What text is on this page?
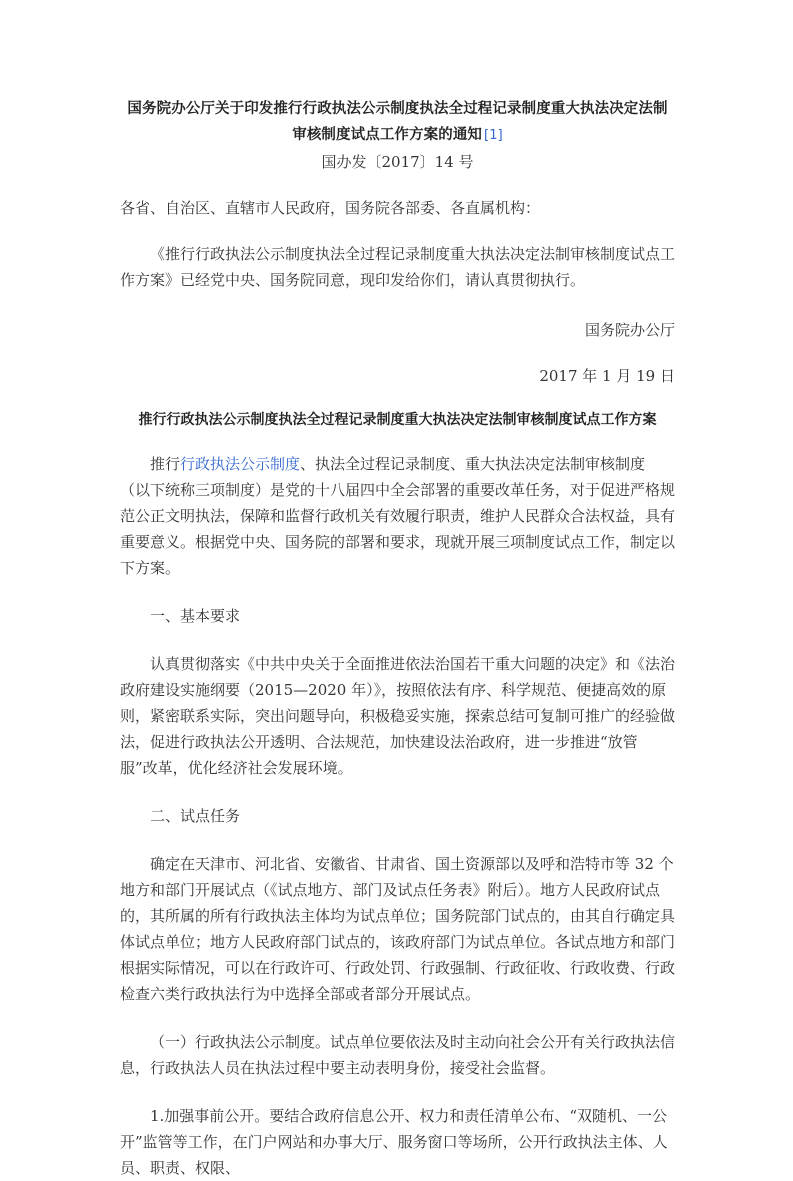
国务院办公厅关于印发推行行政执法公示制度执法全过程记录制度重大执法决定法制
审核制度试点工作方案的通知 [1]

国办发〔2017〕14 号

各省、自治区、直辖市人民政府，国务院各部委、各直属机构：

《推行行政执法公示制度执法全过程记录制度重大执法决定法制审核制度试点工作方案》已经党中央、国务院同意，现印发给你们，请认真贯彻执行。

国务院办公厅

2017 年 1 月 19 日

推行行政执法公示制度执法全过程记录制度重大执法决定法制审核制度试点工作方案

推行行政执法公示制度、执法全过程记录制度、重大执法决定法制审核制度（以下统称三项制度）是党的十八届四中全会部署的重要改革任务，对于促进严格规范公正文明执法，保障和监督行政机关有效履行职责，维护人民群众合法权益，具有重要意义。根据党中央、国务院的部署和要求，现就开展三项制度试点工作，制定以下方案。

一、基本要求

认真贯彻落实《中共中央关于全面推进依法治国若干重大问题的决定》和《法治政府建设实施纲要（2015—2020 年）》，按照依法有序、科学规范、便捷高效的原则，紧密联系实际，突出问题导向，积极稳妥实施，探索总结可复制可推广的经验做法，促进行政执法公开透明、合法规范，加快建设法治政府，进一步推进“放管服”改革，优化经济社会发展环境。

二、试点任务

确定在天津市、河北省、安徽省、甘肃省、国土资源部以及呼和浩特市等 32 个地方和部门开展试点（《试点地方、部门及试点任务表》附后）。地方人民政府试点的，其所属的所有行政执法主体均为试点单位；国务院部门试点的，由其自行确定具体试点单位；地方人民政府部门试点的，该政府部门为试点单位。各试点地方和部门根据实际情况，可以在行政许可、行政处罚、行政强制、行政征收、行政收费、行政检查六类行政执法行为中选择全部或者部分开展试点。

（一）行政执法公示制度。试点单位要依法及时主动向社会公开有关行政执法信息，行政执法人员在执法过程中要主动表明身份，接受社会监督。

1.加强事前公开。要结合政府信息公开、权力和责任清单公布、“双随机、一公开”监管等工作，在门户网站和办事大厅、服务窗口等场所，公开行政执法主体、人员、职责、权限、
